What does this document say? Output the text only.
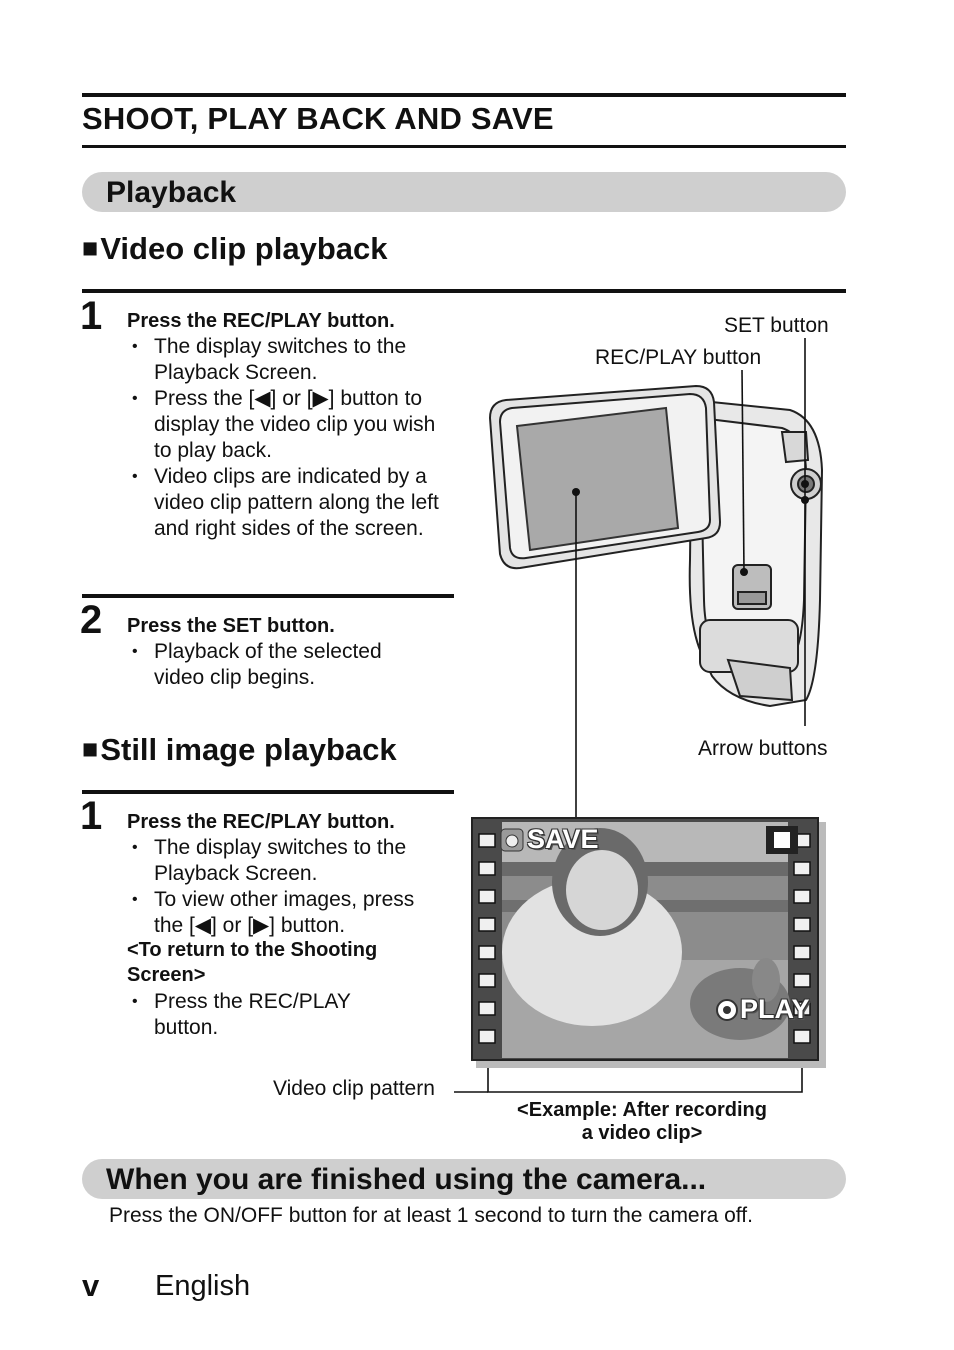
SHOOT, PLAY BACK AND SAVE
Playback
■Video clip playback
1 Press the REC/PLAY button.
• The display switches to the Playback Screen.
• Press the [◀] or [▶] button to display the video clip you wish to play back.
• Video clips are indicated by a video clip pattern along the left and right sides of the screen.
2 Press the SET button.
• Playback of the selected video clip begins.
■Still image playback
1 Press the REC/PLAY button.
• The display switches to the Playback Screen.
• To view other images, press the [◀] or [▶] button.
<To return to the Shooting Screen>
• Press the REC/PLAY button.
SAVE
PLAY
SET button
REC/PLAY button
Arrow buttons
Video clip pattern
<Example: After recording
a video clip>
When you are finished using the camera...
Press the ON/OFF button for at least 1 second to turn the camera off.
v English
